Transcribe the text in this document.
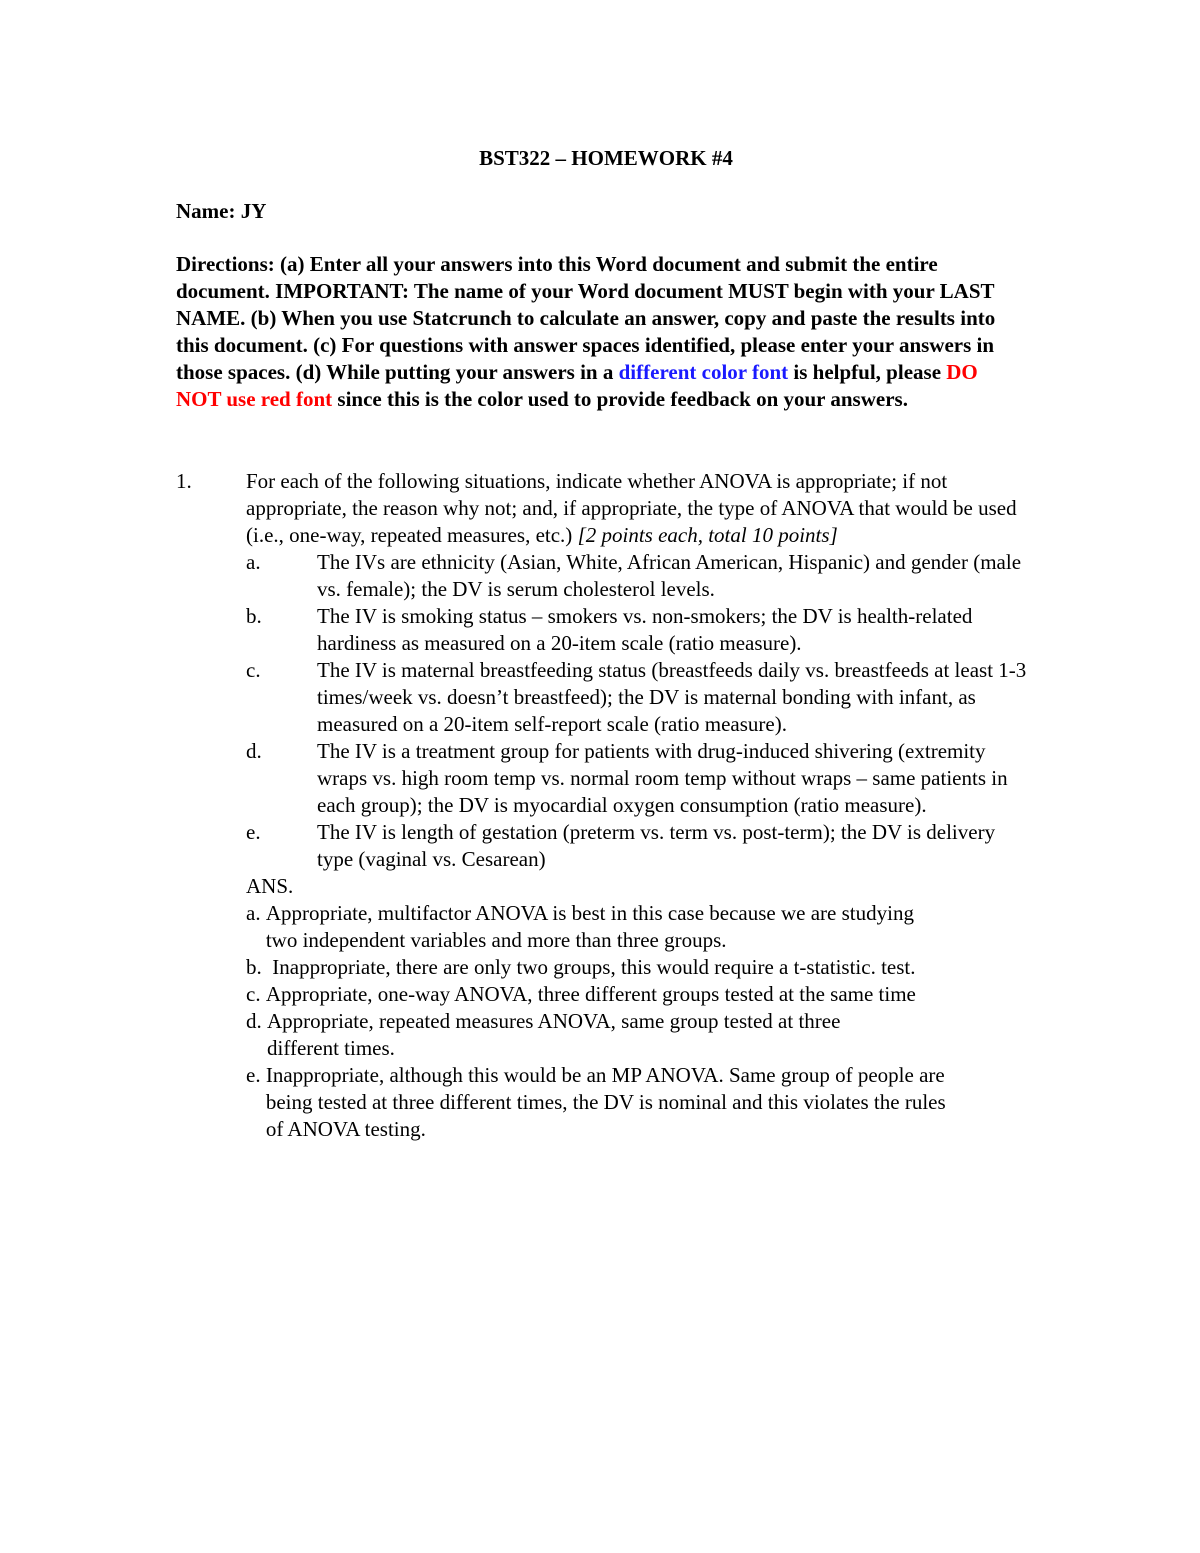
BST322 – HOMEWORK #4
Name: JY
Directions: (a) Enter all your answers into this Word document and submit the entire document. IMPORTANT: The name of your Word document MUST begin with your LAST NAME. (b) When you use Statcrunch to calculate an answer, copy and paste the results into this document. (c) For questions with answer spaces identified, please enter your answers in those spaces. (d) While putting your answers in a different color font is helpful, please DO NOT use red font since this is the color used to provide feedback on your answers.
1.	For each of the following situations, indicate whether ANOVA is appropriate; if not appropriate, the reason why not; and, if appropriate, the type of ANOVA that would be used (i.e., one-way, repeated measures, etc.) [2 points each, total 10 points]
a.	The IVs are ethnicity (Asian, White, African American, Hispanic) and gender (male vs. female); the DV is serum cholesterol levels.
b.	The IV is smoking status – smokers vs. non-smokers; the DV is health-related hardiness as measured on a 20-item scale (ratio measure).
c.	The IV is maternal breastfeeding status (breastfeeds daily vs. breastfeeds at least 1-3 times/week vs. doesn’t breastfeed); the DV is maternal bonding with infant, as measured on a 20-item self-report scale (ratio measure).
d.	The IV is a treatment group for patients with drug-induced shivering (extremity wraps vs. high room temp vs. normal room temp without wraps – same patients in each group); the DV is myocardial oxygen consumption (ratio measure).
e.	The IV is length of gestation (preterm vs. term vs. post-term); the DV is delivery type (vaginal vs. Cesarean)
ANS.
a. Appropriate, multifactor ANOVA is best in this case because we are studying two independent variables and more than three groups.
b. Inappropriate, there are only two groups, this would require a t-statistic. test.
c. Appropriate, one-way ANOVA, three different groups tested at the same time
d. Appropriate, repeated measures ANOVA, same group tested at three different times.
e. Inappropriate, although this would be an MP ANOVA. Same group of people are being tested at three different times, the DV is nominal and this violates the rules of ANOVA testing.
